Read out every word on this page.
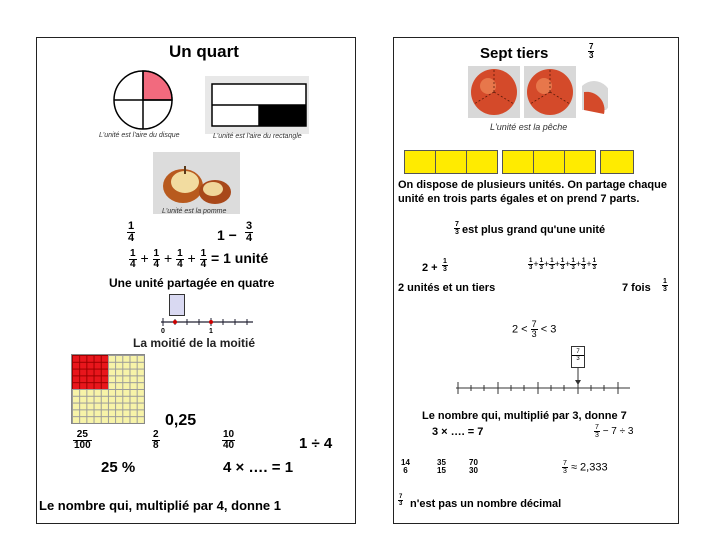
Un quart
L'unité est l'aire du disque	L'unité est l'aire du rectangle
L'unité est la pomme
1
4	1 −
3
4
$\frac{1}{4} + \frac{1}{4} + \frac{1}{4} + \frac{1}{4} = 1$ unité
Une unité partagée en quatre
0	1
La moitié de la moitié
0,25
25
100
2
8
10
40	1 ÷ 4
25 %	4 × …. = 1
Le nombre qui, multiplié par 4, donne 1
Sept tiers	7
3
L'unité est la pêche
On dispose de plusieurs unités. On partage chaque unité en trois parts égales et on prend 7 parts.
7
3 est plus grand qu'une unité
2 +
1
3	$\frac{1}{3} + \frac{1}{3} + \frac{1}{3} + \frac{1}{3} + \frac{1}{3} + \frac{1}{3} + \frac{1}{3}$
2 unités et un tiers	7 fois
1
3
$2 < \frac{7}{3} < 3$
7
3
Le nombre qui, multiplié par 3, donne 7
3 × …. = 7	$\frac{7}{3} - 7 \div 3$
14
6
35
15
70
30	$\frac{7}{3} \approx 2,333$
7
3 n'est pas un nombre décimal
